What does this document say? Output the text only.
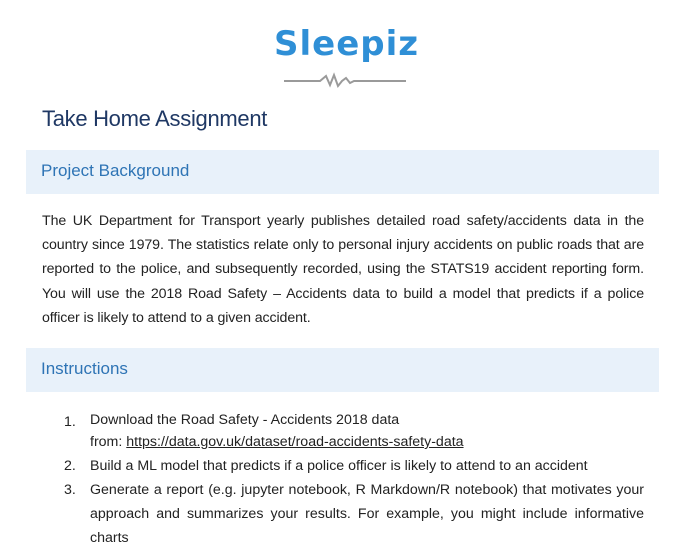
Sleepiz
Take Home Assignment
Project Background
The UK Department for Transport yearly publishes detailed road safety/accidents data in the country since 1979. The statistics relate only to personal injury accidents on public roads that are reported to the police, and subsequently recorded, using the STATS19 accident reporting form. You will use the 2018 Road Safety – Accidents data to build a model that predicts if a police officer is likely to attend to a given accident.
Instructions
1. Download the Road Safety - Accidents 2018 data
from: https://data.gov.uk/dataset/road-accidents-safety-data
2. Build a ML model that predicts if a police officer is likely to attend to an accident
3. Generate a report (e.g. jupyter notebook, R Markdown/R notebook) that motivates your approach and summarizes your results. For example, you might include informative charts
